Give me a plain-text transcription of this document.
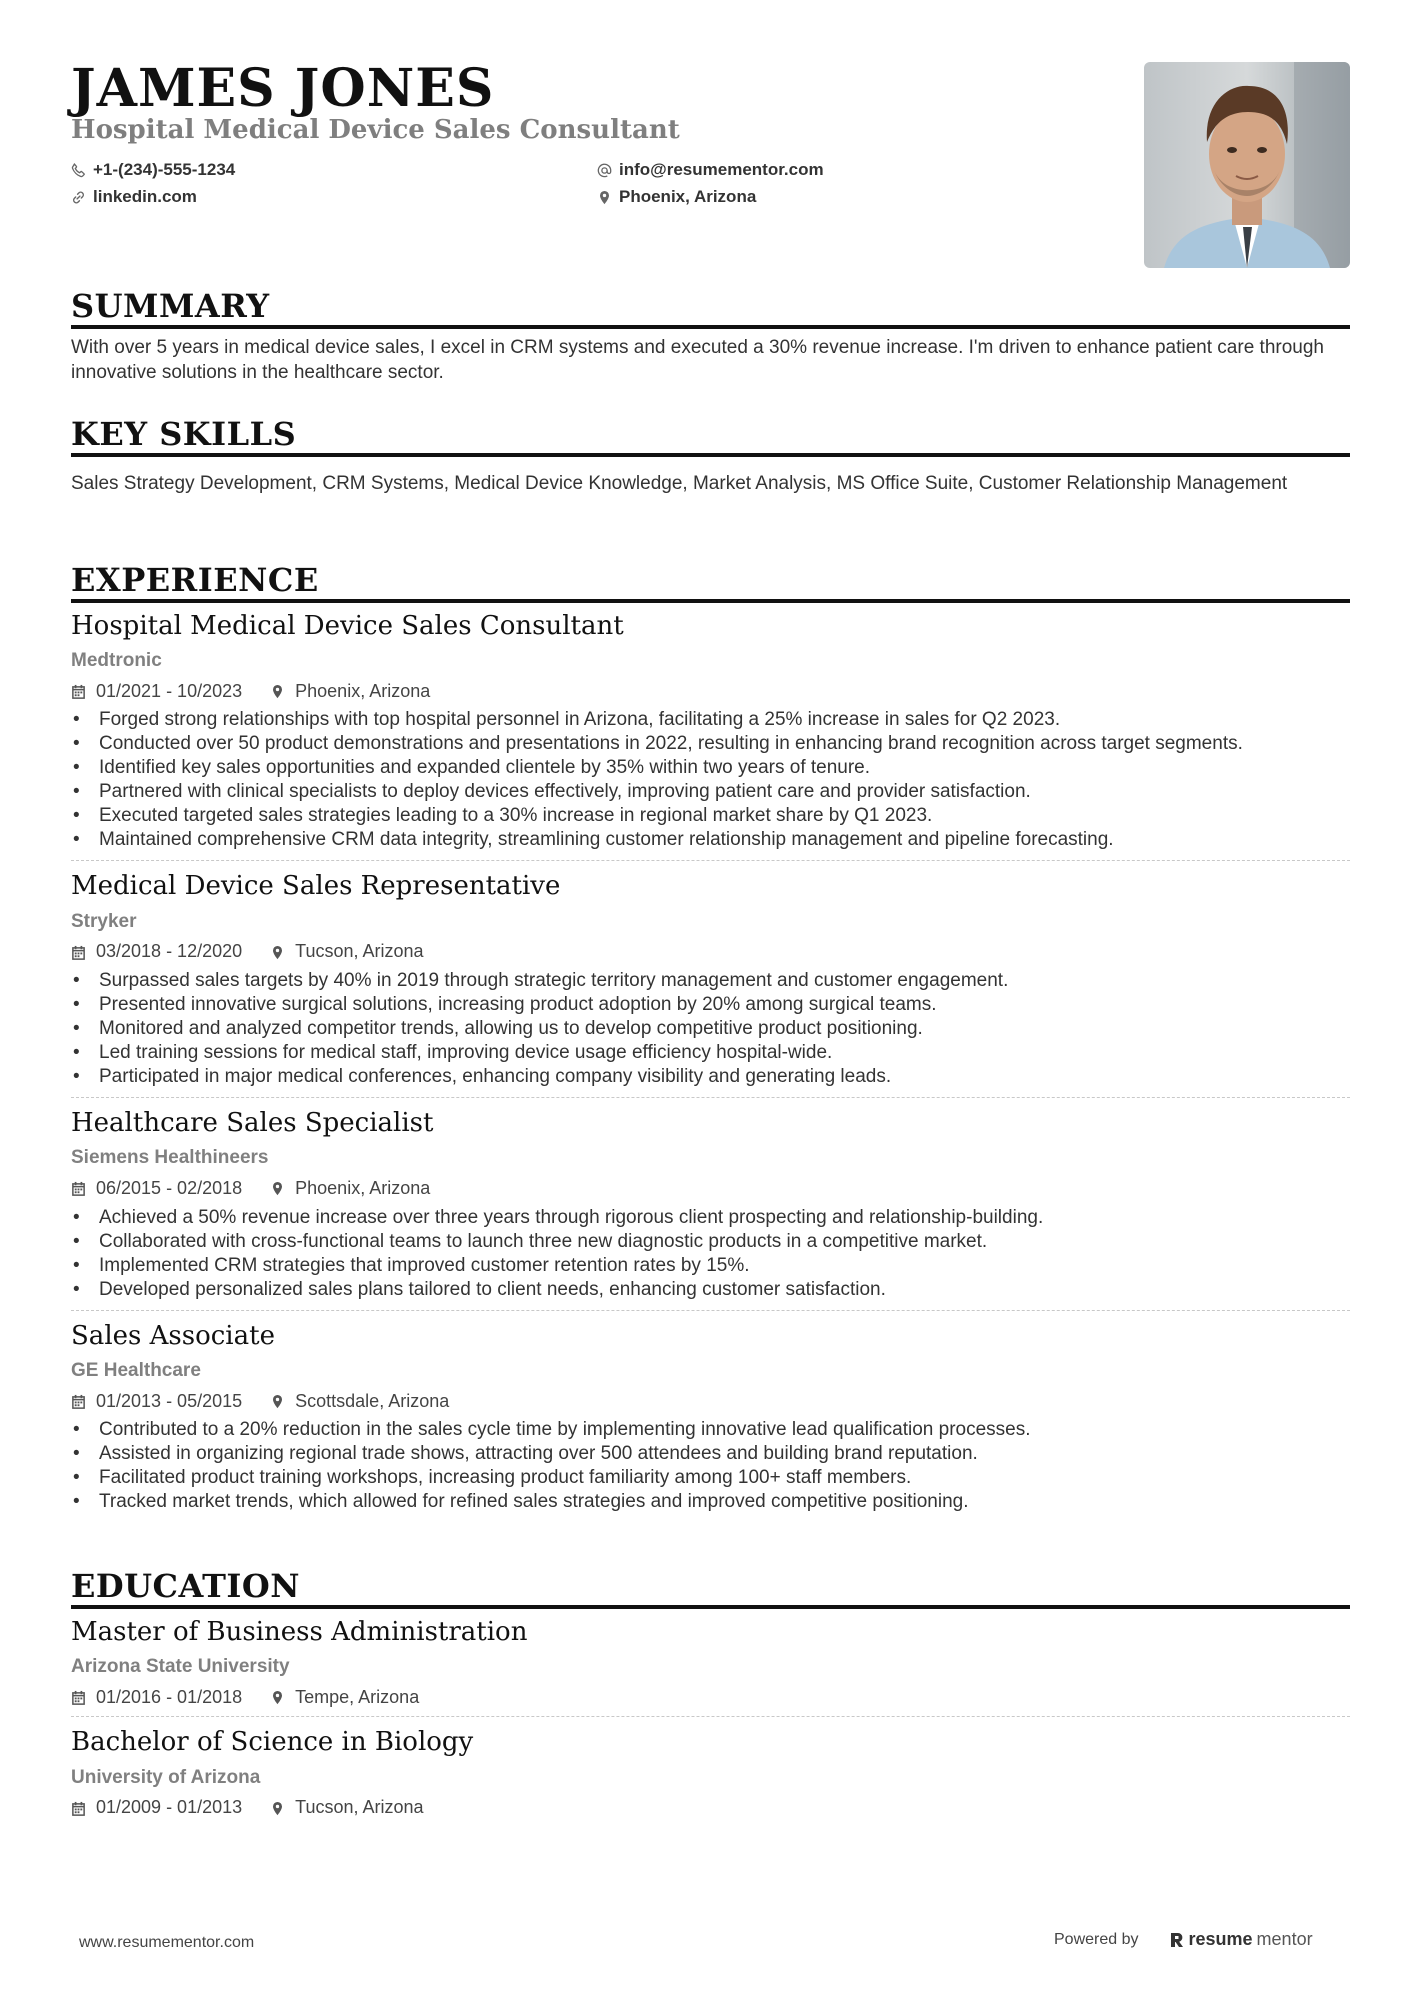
JAMES JONES
Hospital Medical Device Sales Consultant
+1-(234)-555-1234	info@resumementor.com
linkedin.com	Phoenix, Arizona
SUMMARY
With over 5 years in medical device sales, I excel in CRM systems and executed a 30% revenue increase. I'm driven to enhance patient care through innovative solutions in the healthcare sector.
KEY SKILLS
Sales Strategy Development, CRM Systems, Medical Device Knowledge, Market Analysis, MS Office Suite, Customer Relationship Management
EXPERIENCE
Hospital Medical Device Sales Consultant
Medtronic
01/2021 - 10/2023	Phoenix, Arizona
• Forged strong relationships with top hospital personnel in Arizona, facilitating a 25% increase in sales for Q2 2023.
• Conducted over 50 product demonstrations and presentations in 2022, resulting in enhancing brand recognition across target segments.
• Identified key sales opportunities and expanded clientele by 35% within two years of tenure.
• Partnered with clinical specialists to deploy devices effectively, improving patient care and provider satisfaction.
• Executed targeted sales strategies leading to a 30% increase in regional market share by Q1 2023.
• Maintained comprehensive CRM data integrity, streamlining customer relationship management and pipeline forecasting.
Medical Device Sales Representative
Stryker
03/2018 - 12/2020	Tucson, Arizona
• Surpassed sales targets by 40% in 2019 through strategic territory management and customer engagement.
• Presented innovative surgical solutions, increasing product adoption by 20% among surgical teams.
• Monitored and analyzed competitor trends, allowing us to develop competitive product positioning.
• Led training sessions for medical staff, improving device usage efficiency hospital-wide.
• Participated in major medical conferences, enhancing company visibility and generating leads.
Healthcare Sales Specialist
Siemens Healthineers
06/2015 - 02/2018	Phoenix, Arizona
• Achieved a 50% revenue increase over three years through rigorous client prospecting and relationship-building.
• Collaborated with cross-functional teams to launch three new diagnostic products in a competitive market.
• Implemented CRM strategies that improved customer retention rates by 15%.
• Developed personalized sales plans tailored to client needs, enhancing customer satisfaction.
Sales Associate
GE Healthcare
01/2013 - 05/2015	Scottsdale, Arizona
• Contributed to a 20% reduction in the sales cycle time by implementing innovative lead qualification processes.
• Assisted in organizing regional trade shows, attracting over 500 attendees and building brand reputation.
• Facilitated product training workshops, increasing product familiarity among 100+ staff members.
• Tracked market trends, which allowed for refined sales strategies and improved competitive positioning.
EDUCATION
Master of Business Administration
Arizona State University
01/2016 - 01/2018	Tempe, Arizona
Bachelor of Science in Biology
University of Arizona
01/2009 - 01/2013	Tucson, Arizona
www.resumementor.com	Powered by	resume mentor
